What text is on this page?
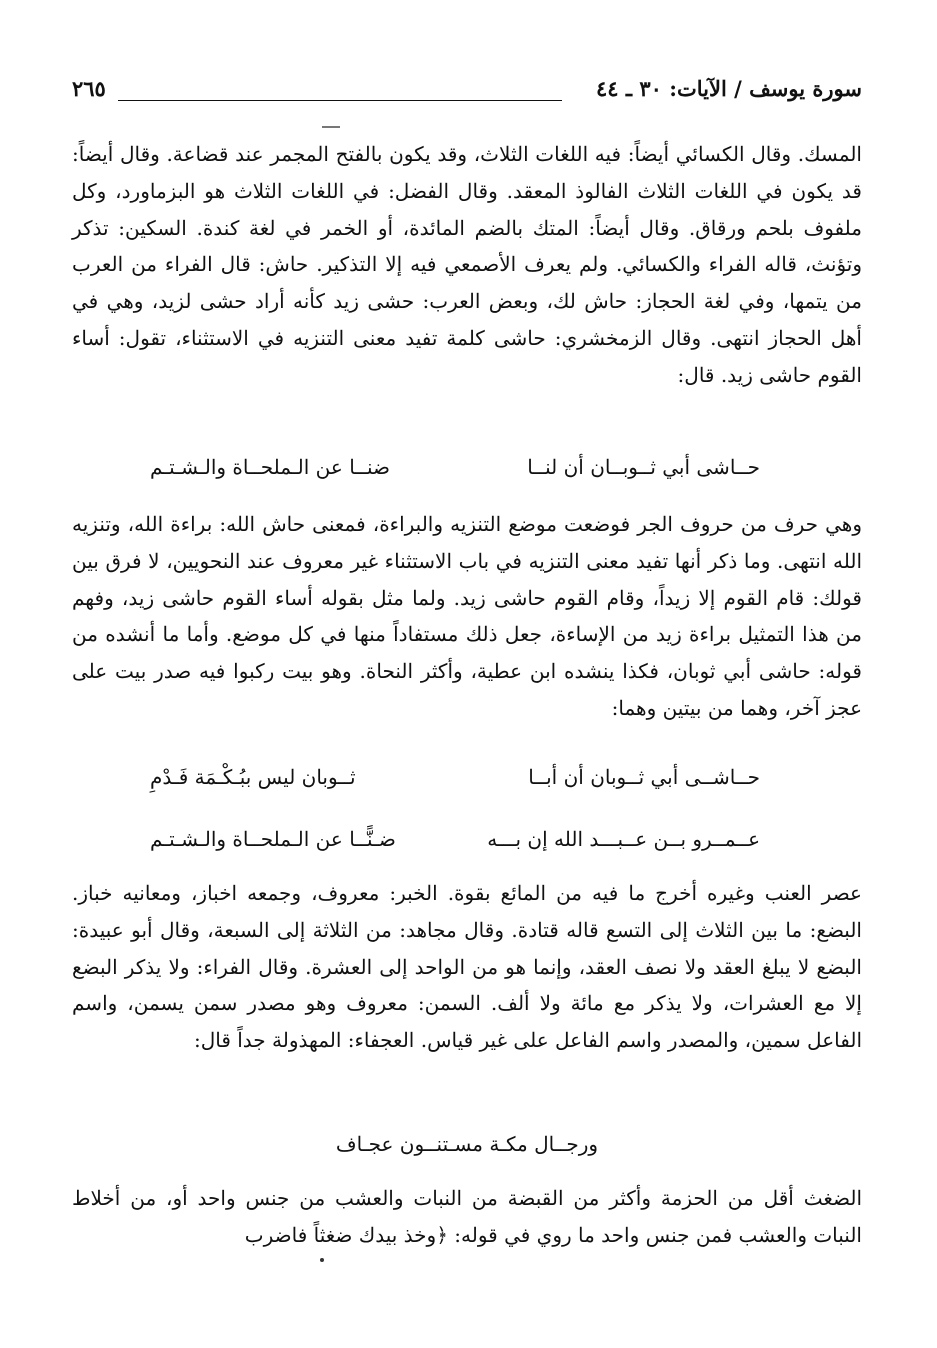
سورة يوسف / الآيات: ٣٠ ـ ٤٤
٢٦٥

المسك. وقال الكسائي أيضاً: فيه اللغات الثلاث، وقد يكون بالفتح المجمر عند قضاعة. وقال أيضاً: قد يكون في اللغات الثلاث الفالوذ المعقد. وقال الفضل: في اللغات الثلاث هو البزماورد، وكل ملفوف بلحم ورقاق. وقال أيضاً: المتك بالضم المائدة، أو الخمر في لغة كندة. السكين: تذكر وتؤنث، قاله الفراء والكسائي. ولم يعرف الأصمعي فيه إلا التذكير. حاش: قال الفراء من العرب من يتمها، وفي لغة الحجاز: حاش لك، وبعض العرب: حشى زيد كأنه أراد حشى لزيد، وهي في أهل الحجاز انتهى. وقال الزمخشري: حاشى كلمة تفيد معنى التنزيه في الاستثناء، تقول: أساء القوم حاشى زيد. قال:

حــاشى أبي ثــوبــان أن لنــا
ضنــا عن الـملحــاة والـشـتـم

وهي حرف من حروف الجر فوضعت موضع التنزيه والبراءة، فمعنى حاش الله: براءة الله، وتنزيه الله انتهى. وما ذكر أنها تفيد معنى التنزيه في باب الاستثناء غير معروف عند النحويين، لا فرق بين قولك: قام القوم إلا زيداً، وقام القوم حاشى زيد. ولما مثل بقوله أساء القوم حاشى زيد، وفهم من هذا التمثيل براءة زيد من الإساءة، جعل ذلك مستفاداً منها في كل موضع. وأما ما أنشده من قوله: حاشى أبي ثوبان، فكذا ينشده ابن عطية، وأكثر النحاة. وهو بيت ركبوا فيه صدر بيت على عجز آخر، وهما من بيتين وهما:

حــاشــى أبي ثــوبان أن أبــا
ثــوبان ليس ببُـكْـمَة فَـدْمِ
عــمــرو بــن عــبـــد الله إن بـــه
ضـنًّــا عن الـملحــاة والـشـتـم

عصر العنب وغيره أخرج ما فيه من المائع بقوة. الخبر: معروف، وجمعه اخباز، ومعانيه خباز. البضع: ما بين الثلاث إلى التسع قاله قتادة. وقال مجاهد: من الثلاثة إلى السبعة، وقال أبو عبيدة: البضع لا يبلغ العقد ولا نصف العقد، وإنما هو من الواحد إلى العشرة. وقال الفراء: ولا يذكر البضع إلا مع العشرات، ولا يذكر مع مائة ولا ألف. السمن: معروف وهو مصدر سمن يسمن، واسم الفاعل سمين، والمصدر واسم الفاعل على غير قياس. العجفاء: المهذولة جداً قال:

ورجــال مكـة مسـتنــون عجـاف

الضغث أقل من الحزمة وأكثر من القبضة من النبات والعشب من جنس واحد أو، من أخلاط النبات والعشب فمن جنس واحد ما روي في قوله: ﴿وخذ بيدك ضغثاً فاضرب
